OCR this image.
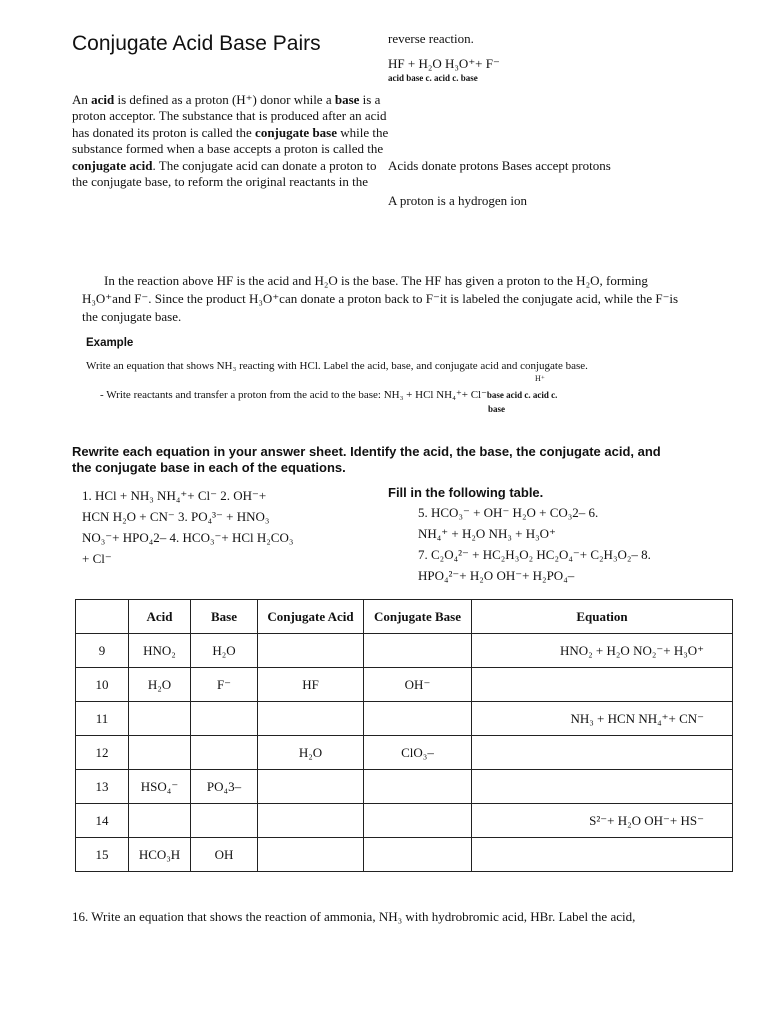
Conjugate Acid Base Pairs	reverse reaction.
HF + H₂O H₃O⁺+ F⁻
acid base c. acid c. base
An acid is defined as a proton (H⁺) donor while a base is a proton acceptor. The substance that is produced after an acid has donated its proton is called the conjugate base while the substance formed when a base accepts a proton is called the conjugate acid. The conjugate acid can donate a proton to the conjugate base, to reform the original reactants in the
Acids donate protons Bases accept protons
A proton is a hydrogen ion
In the reaction above HF is the acid and H₂O is the base. The HF has given a proton to the H₂O, forming H₃O⁺and F⁻. Since the product H₃O⁺can donate a proton back to F⁻it is labeled the conjugate acid, while the F⁻is the conjugate base.
Example
Write an equation that shows NH₃ reacting with HCl. Label the acid, base, and conjugate acid and conjugate base.
H⁺
- Write reactants and transfer a proton from the acid to the base: NH₃ + HCl NH₄⁺+ Cl⁻base acid c. acid c.
base
Rewrite each equation in your answer sheet. Identify the acid, the base, the conjugate acid, and the conjugate base in each of the equations.
1. HCl + NH₃ NH₄⁺+ Cl⁻ 2. OH⁻+
HCN H₂O + CN⁻ 3. PO₄³⁻ + HNO₃
NO₃⁻+ HPO₄2– 4. HCO₃⁻+ HCl H₂CO₃
+ Cl⁻
Fill in the following table.
5. HCO₃⁻ + OH⁻ H₂O + CO₃2– 6.
NH₄⁺ + H₂O NH₃ + H₃O⁺
7. C₂O₄²⁻ + HC₂H₃O₂ HC₂O₄⁻+ C₂H₃O₂– 8.
HPO₄²⁻+ H₂O OH⁻+ H₂PO₄–
	Acid	Base	Conjugate Acid	Conjugate Base	Equation
9	HNO₂	H₂O			HNO₂ + H₂O NO₂⁻+ H₃O⁺
10	H₂O	F⁻	HF	OH⁻	
11					NH₃ + HCN NH₄⁺+ CN⁻
12			H₂O	ClO₃–	
13	HSO₄⁻	PO₄3–			
14					S²⁻+ H₂O OH⁻+ HS⁻
15	HCO₃H	OH			
16. Write an equation that shows the reaction of ammonia, NH₃ with hydrobromic acid, HBr. Label the acid,
